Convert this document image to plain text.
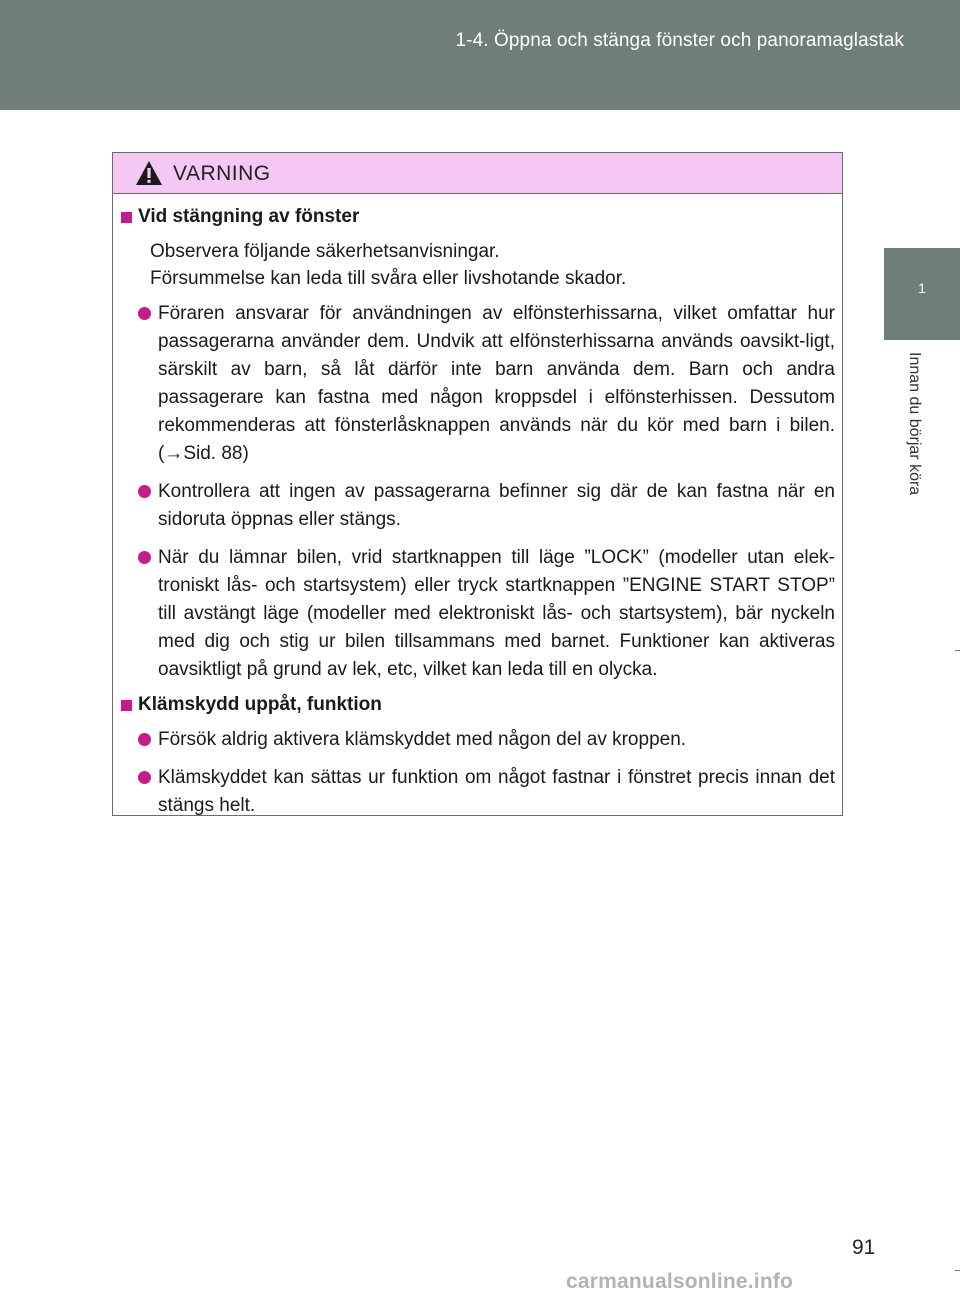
1-4. Öppna och stänga fönster och panoramaglastak
1
Innan du börjar köra
VARNING
Vid stängning av fönster
Observera följande säkerhetsanvisningar.
Försummelse kan leda till svåra eller livshotande skador.
Föraren ansvarar för användningen av elfönsterhissarna, vilket omfattar hur passagerarna använder dem. Undvik att elfönsterhissarna används oavsikt-ligt, särskilt av barn, så låt därför inte barn använda dem. Barn och andra passagerare kan fastna med någon kroppsdel i elfönsterhissen. Dessutom rekommenderas att fönsterlåsknappen används när du kör med barn i bilen. (→Sid. 88)
Kontrollera att ingen av passagerarna befinner sig där de kan fastna när en sidoruta öppnas eller stängs.
När du lämnar bilen, vrid startknappen till läge ”LOCK” (modeller utan elek-troniskt lås- och startsystem) eller tryck startknappen ”ENGINE START STOP” till avstängt läge (modeller med elektroniskt lås- och startsystem), bär nyckeln med dig och stig ur bilen tillsammans med barnet. Funktioner kan aktiveras oavsiktligt på grund av lek, etc, vilket kan leda till en olycka.
Klämskydd uppåt, funktion
Försök aldrig aktivera klämskyddet med någon del av kroppen.
Klämskyddet kan sättas ur funktion om något fastnar i fönstret precis innan det stängs helt.
91
carmanualsonline.info
